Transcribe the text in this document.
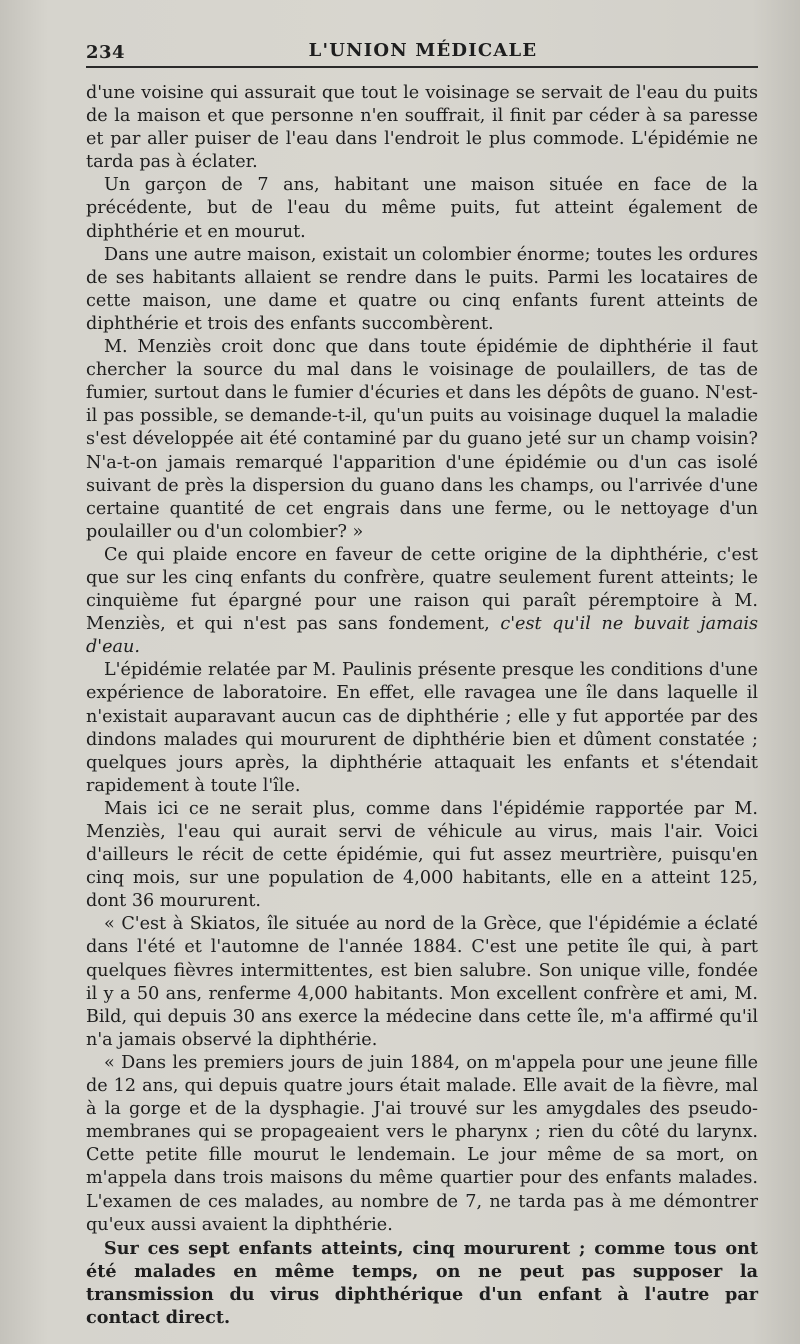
234	L'UNION MÉDICALE

d'une voisine qui assurait que tout le voisinage se servait de l'eau du puits de la maison et que personne n'en souffrait, il finit par céder à sa paresse et par aller puiser de l'eau dans l'endroit le plus commode. L'épidémie ne tarda pas à éclater.

Un garçon de 7 ans, habitant une maison située en face de la précédente, but de l'eau du même puits, fut atteint également de diphthérie et en mourut.

Dans une autre maison, existait un colombier énorme; toutes les ordures de ses habitants allaient se rendre dans le puits. Parmi les locataires de cette maison, une dame et quatre ou cinq enfants furent atteints de diphthérie et trois des enfants succombèrent.

M. Menziès croit donc que dans toute épidémie de diphthérie il faut chercher la source du mal dans le voisinage de poulaillers, de tas de fumier, surtout dans le fumier d'écuries et dans les dépôts de guano. N'est-il pas possible, se demande-t-il, qu'un puits au voisinage duquel la maladie s'est développée ait été contaminé par du guano jeté sur un champ voisin? N'a-t-on jamais remarqué l'apparition d'une épidémie ou d'un cas isolé suivant de près la dispersion du guano dans les champs, ou l'arrivée d'une certaine quantité de cet engrais dans une ferme, ou le nettoyage d'un poulailler ou d'un colombier? »

Ce qui plaide encore en faveur de cette origine de la diphthérie, c'est que sur les cinq enfants du confrère, quatre seulement furent atteints; le cinquième fut épargné pour une raison qui paraît péremptoire à M. Menziès, et qui n'est pas sans fondement, c'est qu'il ne buvait jamais d'eau.

L'épidémie relatée par M. Paulinis présente presque les conditions d'une expérience de laboratoire. En effet, elle ravagea une île dans laquelle il n'existait auparavant aucun cas de diphthérie ; elle y fut apportée par des dindons malades qui moururent de diphthérie bien et dûment constatée ; quelques jours après, la diphthérie attaquait les enfants et s'étendait rapidement à toute l'île.

Mais ici ce ne serait plus, comme dans l'épidémie rapportée par M. Menziès, l'eau qui aurait servi de véhicule au virus, mais l'air. Voici d'ailleurs le récit de cette épidémie, qui fut assez meurtrière, puisqu'en cinq mois, sur une population de 4,000 habitants, elle en a atteint 125, dont 36 moururent.

« C'est à Skiatos, île située au nord de la Grèce, que l'épidémie a éclaté dans l'été et l'automne de l'année 1884. C'est une petite île qui, à part quelques fièvres intermittentes, est bien salubre. Son unique ville, fondée il y a 50 ans, renferme 4,000 habitants. Mon excellent confrère et ami, M. Bild, qui depuis 30 ans exerce la médecine dans cette île, m'a affirmé qu'il n'a jamais observé la diphthérie.

« Dans les premiers jours de juin 1884, on m'appela pour une jeune fille de 12 ans, qui depuis quatre jours était malade. Elle avait de la fièvre, mal à la gorge et de la dysphagie. J'ai trouvé sur les amygdales des pseudo-membranes qui se propageaient vers le pharynx ; rien du côté du larynx. Cette petite fille mourut le lendemain. Le jour même de sa mort, on m'appela dans trois maisons du même quartier pour des enfants malades. L'examen de ces malades, au nombre de 7, ne tarda pas à me démontrer qu'eux aussi avaient la diphthérie.

Sur ces sept enfants atteints, cinq moururent ; comme tous ont été malades en même temps, on ne peut pas supposer la transmission du virus diphthérique d'un enfant à l'autre par contact direct.
